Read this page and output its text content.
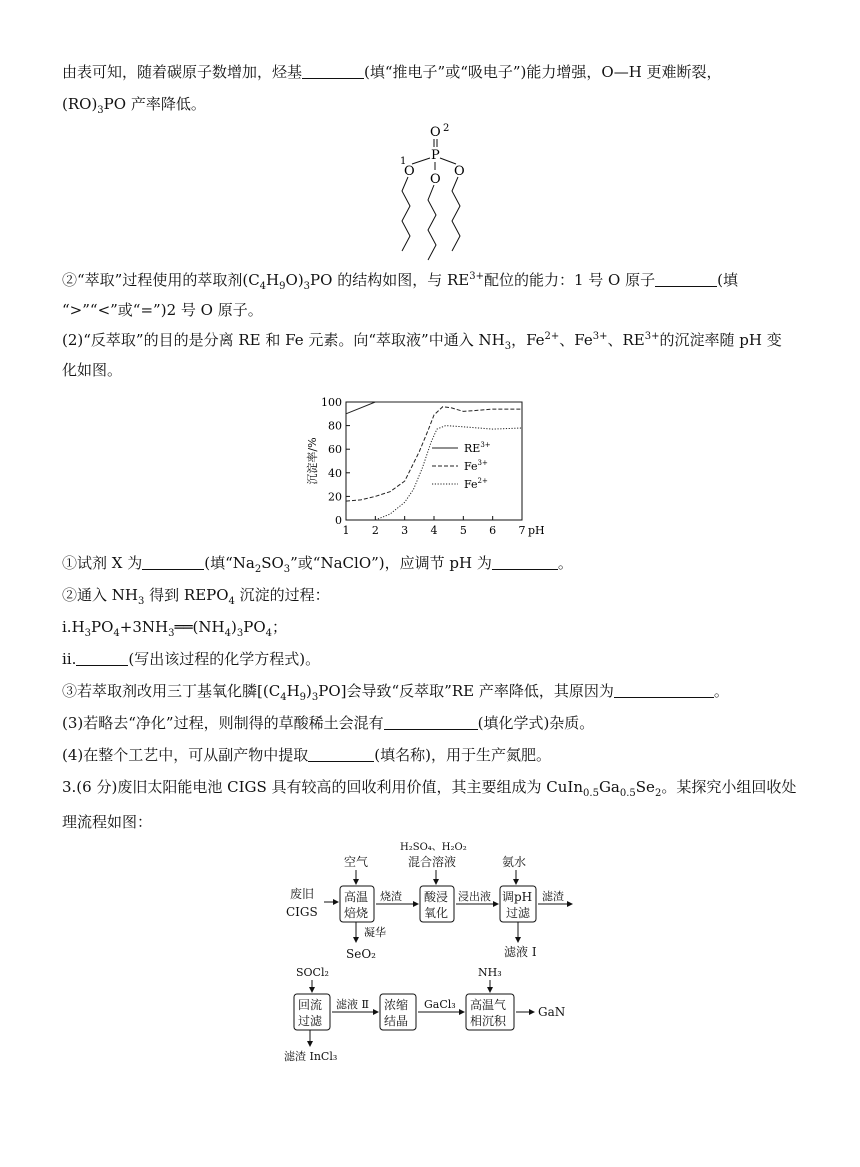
由表可知，随着碳原子数增加，烃基	(填“推电子”或“吸电子”)能力增强，O—H 更难断裂，
$(RO)_3PO$ 产率降低。
O 2
P
1
O
O
O
②“萃取”过程使用的萃取剂$(C_4H_9O)_3PO$ 的结构如图，与 $RE^{3+}$配位的能力：1 号 O 原子	(填
“>”“<”或“=”)2 号 O 原子。
(2)“反萃取”的目的是分离 RE 和 Fe 元素。向“萃取液”中通入 $NH_3$，$Fe^{2+}$、$Fe^{3+}$、$RE^{3+}$的沉淀率随 pH 变
化如图。
0
20
40
60
80
100
1 2 3 4 5 6 7 pH
沉淀率/%	$RE^{3+}$
$Fe^{3+}$
$Fe^{2+}$
①试剂 X 为	(填“$Na_2SO_3$”或“NaClO”)，应调节 pH 为	。
②通入 $NH_3$ 得到 $REPO_4$ 沉淀的过程：
$ⅰ.H_3PO_4+3NH_3══(NH_4)_3PO_4$；
ⅱ.	(写出该过程的化学方程式)。
③若萃取剂改用三丁基氧化膦$[(C_4H_9)_3PO]$会导致“反萃取”RE 产率降低，其原因为	。
(3)若略去“净化”过程，则制得的草酸稀土会混有	(填化学式)杂质。
(4)在整个工艺中，可从副产物中提取	(填名称)，用于生产氮肥。
3.(6 分)废旧太阳能电池 CIGS 具有较高的回收利用价值，其主要组成为 $CuIn_{0.5}Ga_{0.5}Se_2$。某探究小组回收处
理流程如图：
空气
H₂SO₄、H₂O₂
混合溶液	氨水
废旧
CIGS
高温
焙烧
烧渣 酸浸
氧化
浸出液 调pH
过滤
滤渣
凝华
SeO₂	滤液 Ⅰ
SOCl₂	NH₃
回流
过滤
滤液 Ⅱ 浓缩
结晶
GaCl₃ 高温气
相沉积
GaN
滤渣 InCl₃
